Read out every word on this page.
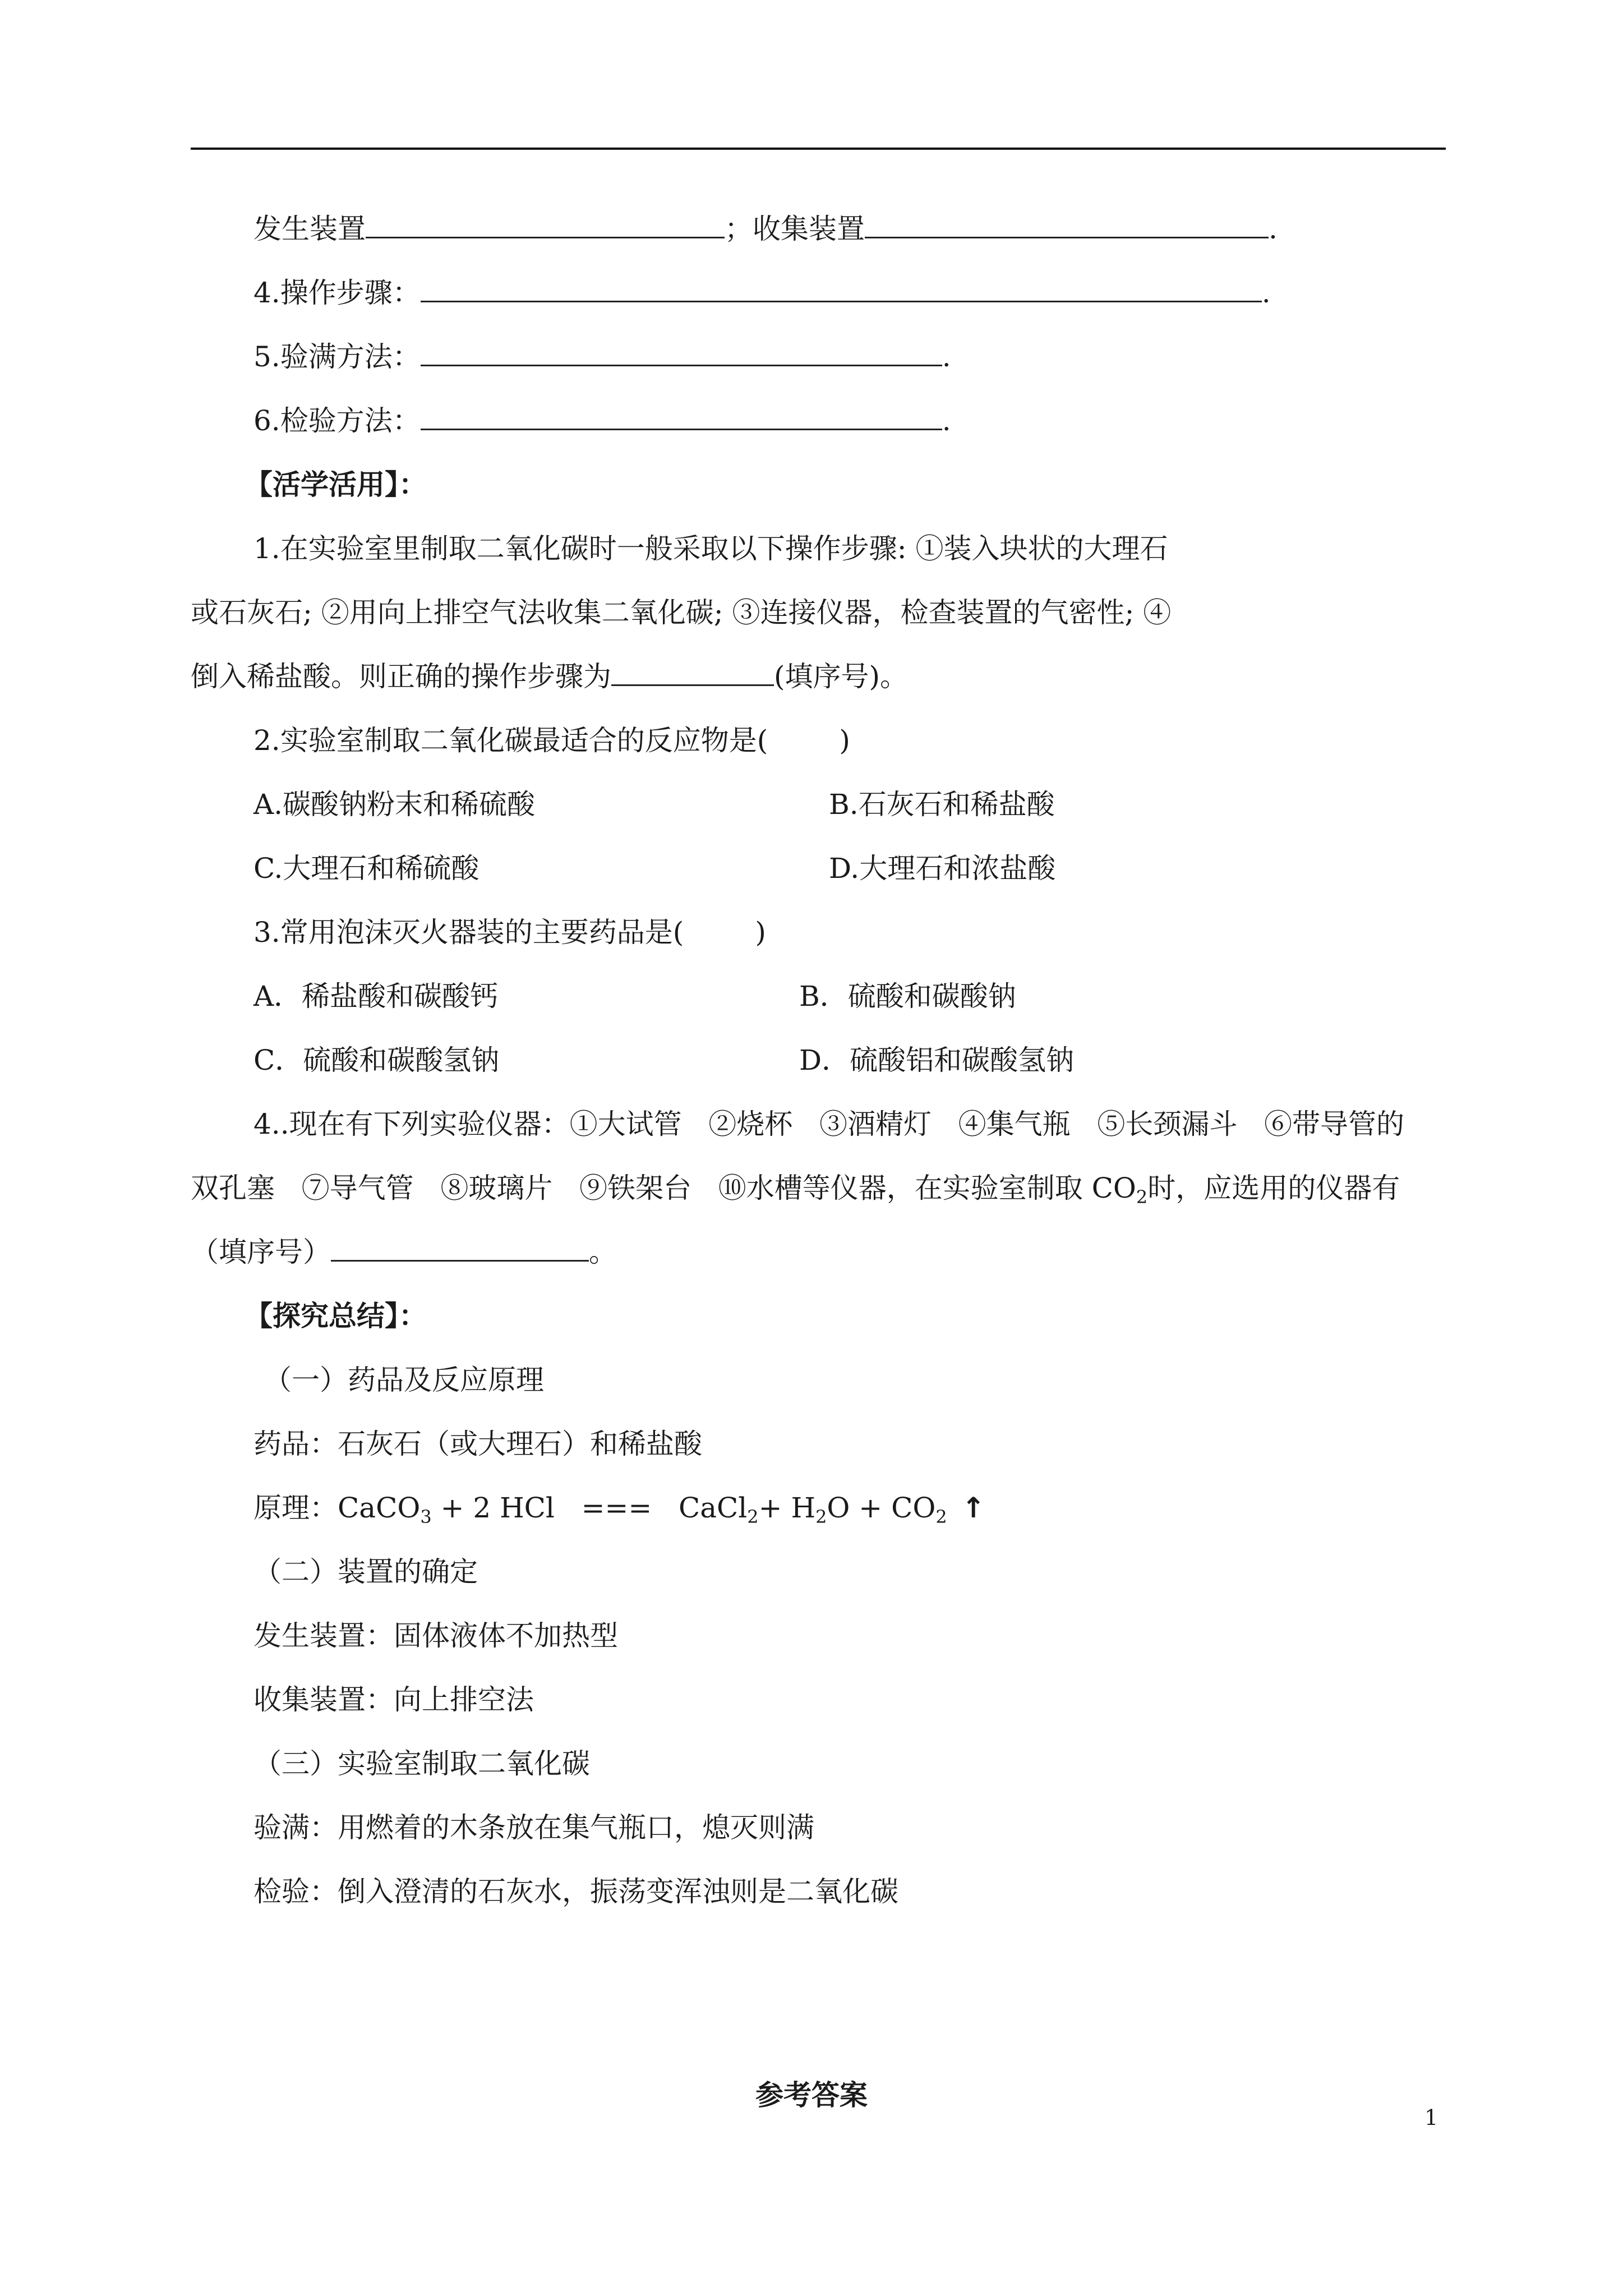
发生装置	；收集装置	.
4.操作步骤：	.
5.验满方法：	.
6.检验方法：	.
【活学活用】：
1.在实验室里制取二氧化碳时一般采取以下操作步骤: ①装入块状的大理石
或石灰石; ②用向上排空气法收集二氧化碳; ③连接仪器，检查装置的气密性; ④
倒入稀盐酸。则正确的操作步骤为	(填序号)。
2.实验室制取二氧化碳最适合的反应物是(        )
A.碳酸钠粉末和稀硫酸	B.石灰石和稀盐酸
C.大理石和稀硫酸	D.大理石和浓盐酸
3.常用泡沫灭火器装的主要药品是(        )
A．稀盐酸和碳酸钙	B．硫酸和碳酸钠
C．硫酸和碳酸氢钠	D．硫酸铝和碳酸氢钠
4..现在有下列实验仪器：①大试管   ②烧杯   ③酒精灯   ④集气瓶   ⑤长颈漏斗   ⑥带导管的
双孔塞   ⑦导气管   ⑧玻璃片   ⑨铁架台   ⑩水槽等仪器，在实验室制取 $CO_2$时，应选用的仪器有
（填序号）	。
【探究总结】：
（一）药品及反应原理
药品：石灰石（或大理石）和稀盐酸
原理：CaCO$_3$ + 2 HCl   ===   CaCl$_2$+ $H_2O + CO_2$ ↑
（二）装置的确定
发生装置：固体液体不加热型
收集装置：向上排空法
（三）实验室制取二氧化碳
验满：用燃着的木条放在集气瓶口，熄灭则满
检验：倒入澄清的石灰水，振荡变浑浊则是二氧化碳
参考答案
1
